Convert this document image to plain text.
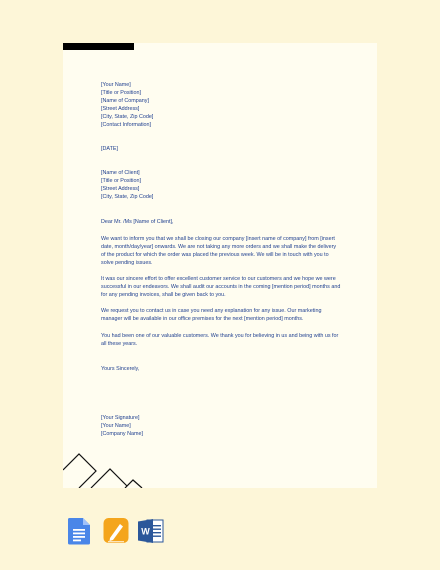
[Your Name]
[Title or Position]
[Name of Company]
[Street Address]
[City, State, Zip Code]
[Contact Information]
[DATE]
[Name of Client]
[Title or Position]
[Street Address]
[City, State, Zip Code]
Dear Mr. /Ms [Name of Client],
We want to inform you that we shall be closing our company [insert name of company] from [insert
date, month/day/year] onwards. We are not taking any more orders and we shall make the delivery
of the product for which the order was placed the previous week. We will be in touch with you to
solve pending issues.
It was our sincere effort to offer excellent customer service to our customers and we hope we were
successful in our endeavors. We shall audit our accounts in the coming [mention period] months and
for any pending invoices, shall be given back to you.
We request you to contact us in case you need any explanation for any issue. Our marketing
manager will be available in our office premises for the next [mention period] months.
You had been one of our valuable customers. We thank you for believing in us and being with us for
all these years.
Yours Sincerely,
[Your Signature]
[Your Name]
[Company Name]
W
